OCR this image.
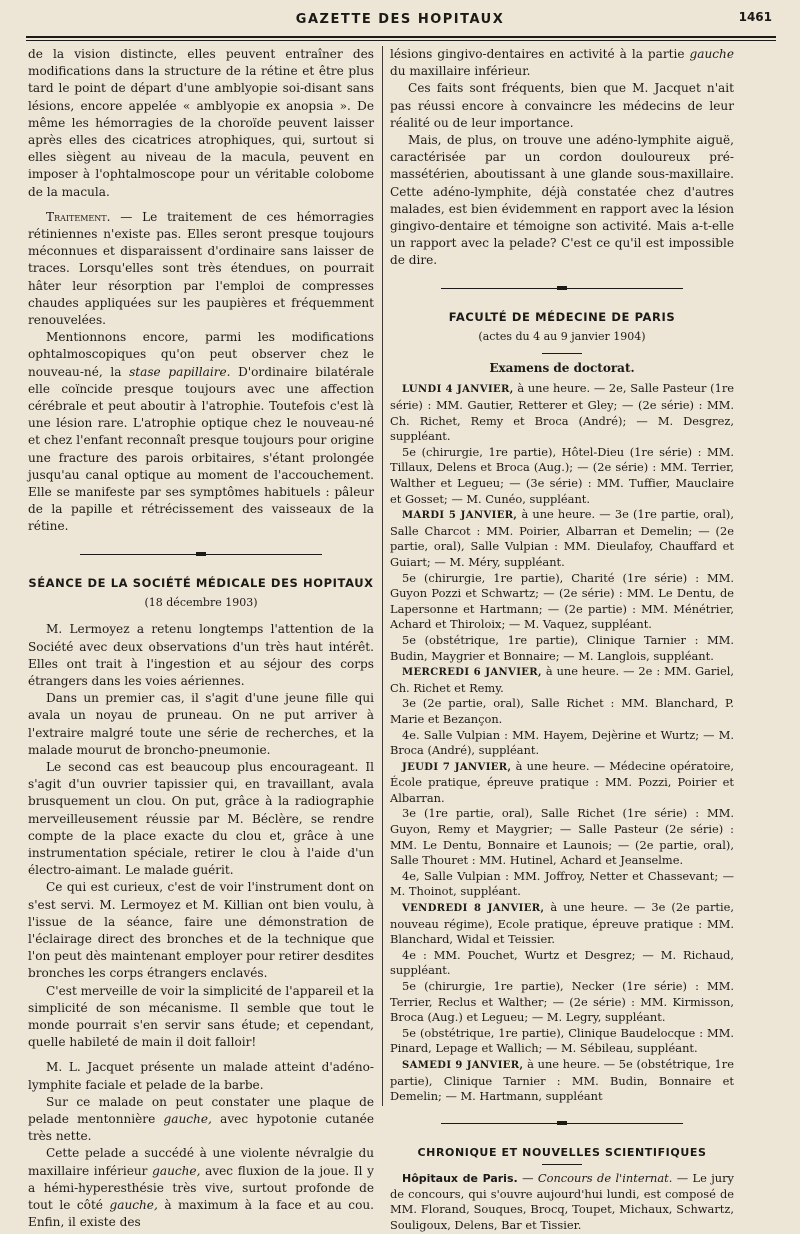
GAZETTE DES HOPITAUX	1461

de la vision distincte, elles peuvent entraîner des modifications dans la structure de la rétine et être plus tard le point de départ d'une amblyopie soi-disant sans lésions, encore appelée « amblyopie ex anopsia ». De même les hémorragies de la choroïde peuvent laisser après elles des cicatrices atrophiques, qui, surtout si elles siègent au niveau de la macula, peuvent en imposer à l'ophtalmoscope pour un véritable colobome de la macula.

Traitement. — Le traitement de ces hémorragies rétiniennes n'existe pas. Elles seront presque toujours méconnues et disparaissent d'ordinaire sans laisser de traces. Lorsqu'elles sont très étendues, on pourrait hâter leur résorption par l'emploi de compresses chaudes appliquées sur les paupières et fréquemment renouvelées.

Mentionnons encore, parmi les modifications ophtalmoscopiques qu'on peut observer chez le nouveau-né, la stase papillaire. D'ordinaire bilatérale elle coïncide presque toujours avec une affection cérébrale et peut aboutir à l'atrophie. Toutefois c'est là une lésion rare. L'atrophie optique chez le nouveau-né et chez l'enfant reconnaît presque toujours pour origine une fracture des parois orbitaires, s'étant prolongée jusqu'au canal optique au moment de l'accouchement. Elle se manifeste par ses symptômes habituels : pâleur de la papille et rétrécissement des vaisseaux de la rétine.

SÉANCE DE LA SOCIÉTÉ MÉDICALE DES HOPITAUX
(18 décembre 1903)

M. Lermoyez a retenu longtemps l'attention de la Société avec deux observations d'un très haut intérêt. Elles ont trait à l'ingestion et au séjour des corps étrangers dans les voies aériennes.

Dans un premier cas, il s'agit d'une jeune fille qui avala un noyau de pruneau. On ne put arriver à l'extraire malgré toute une série de recherches, et la malade mourut de broncho-pneumonie.

Le second cas est beaucoup plus encourageant. Il s'agit d'un ouvrier tapissier qui, en travaillant, avala brusquement un clou. On put, grâce à la radiographie merveilleusement réussie par M. Béclère, se rendre compte de la place exacte du clou et, grâce à une instrumentation spéciale, retirer le clou à l'aide d'un électro-aimant. Le malade guérit.

Ce qui est curieux, c'est de voir l'instrument dont on s'est servi. M. Lermoyez et M. Killian ont bien voulu, à l'issue de la séance, faire une démonstration de l'éclairage direct des bronches et de la technique que l'on peut dès maintenant employer pour retirer desdites bronches les corps étrangers enclavés.

C'est merveille de voir la simplicité de l'appareil et la simplicité de son mécanisme. Il semble que tout le monde pourrait s'en servir sans étude; et cependant, quelle habileté de main il doit falloir!

M. L. Jacquet présente un malade atteint d'adéno-lymphite faciale et pelade de la barbe.

Sur ce malade on peut constater une plaque de pelade mentonnière gauche, avec hypotonie cutanée très nette.

Cette pelade a succédé à une violente névralgie du maxillaire inférieur gauche, avec fluxion de la joue. Il y a hémi-hyperesthésie très vive, surtout profonde de tout le côté gauche, à maximum à la face et au cou. Enfin, il existe des

lésions gingivo-dentaires en activité à la partie gauche du maxillaire inférieur.

Ces faits sont fréquents, bien que M. Jacquet n'ait pas réussi encore à convaincre les médecins de leur réalité ou de leur importance.

Mais, de plus, on trouve une adéno-lymphite aiguë, caractérisée par un cordon douloureux pré-massétérien, aboutissant à une glande sous-maxillaire. Cette adéno-lymphite, déjà constatée chez d'autres malades, est bien évidemment en rapport avec la lésion gingivo-dentaire et témoigne son activité. Mais a-t-elle un rapport avec la pelade? C'est ce qu'il est impossible de dire.

FACULTÉ DE MÉDECINE DE PARIS
(actes du 4 au 9 janvier 1904)
Examens de doctorat.

LUNDI 4 JANVIER, à une heure. — 2e, Salle Pasteur (1re série) : MM. Gautier, Retterer et Gley; — (2e série) : MM. Ch. Richet, Remy et Broca (André); — M. Desgrez, suppléant.

5e (chirurgie, 1re partie), Hôtel-Dieu (1re série) : MM. Tillaux, Delens et Broca (Aug.); — (2e série) : MM. Terrier, Walther et Legueu; — (3e série) : MM. Tuffier, Mauclaire et Gosset; — M. Cunéo, suppléant.

MARDI 5 JANVIER, à une heure. — 3e (1re partie, oral), Salle Charcot : MM. Poirier, Albarran et Demelin; — (2e partie, oral), Salle Vulpian : MM. Dieulafoy, Chauffard et Guiart; — M. Méry, suppléant.

5e (chirurgie, 1re partie), Charité (1re série) : MM. Guyon Pozzi et Schwartz; — (2e série) : MM. Le Dentu, de Lapersonne et Hartmann; — (2e partie) : MM. Ménétrier, Achard et Thiroloix; — M. Vaquez, suppléant.

5e (obstétrique, 1re partie), Clinique Tarnier : MM. Budin, Maygrier et Bonnaire; — M. Langlois, suppléant.

MERCREDI 6 JANVIER, à une heure. — 2e : MM. Gariel, Ch. Richet et Remy.

3e (2e partie, oral), Salle Richet : MM. Blanchard, P. Marie et Bezançon.

4e. Salle Vulpian : MM. Hayem, Dejèrine et Wurtz; — M. Broca (André), suppléant.

JEUDI 7 JANVIER, à une heure. — Médecine opératoire, École pratique, épreuve pratique : MM. Pozzi, Poirier et Albarran.

3e (1re partie, oral), Salle Richet (1re série) : MM. Guyon, Remy et Maygrier; — Salle Pasteur (2e série) : MM. Le Dentu, Bonnaire et Launois; — (2e partie, oral), Salle Thouret : MM. Hutinel, Achard et Jeanselme.

4e, Salle Vulpian : MM. Joffroy, Netter et Chassevant; — M. Thoinot, suppléant.

VENDREDI 8 JANVIER, à une heure. — 3e (2e partie, nouveau régime), Ecole pratique, épreuve pratique : MM. Blanchard, Widal et Teissier.

4e : MM. Pouchet, Wurtz et Desgrez; — M. Richaud, suppléant.

5e (chirurgie, 1re partie), Necker (1re série) : MM. Terrier, Reclus et Walther; — (2e série) : MM. Kirmisson, Broca (Aug.) et Legueu; — M. Legry, suppléant.

5e (obstétrique, 1re partie), Clinique Baudelocque : MM. Pinard, Lepage et Wallich; — M. Sébileau, suppléant.

SAMEDI 9 JANVIER, à une heure. — 5e (obstétrique, 1re partie), Clinique Tarnier : MM. Budin, Bonnaire et Demelin; — M. Hartmann, suppléant

CHRONIQUE ET NOUVELLES SCIENTIFIQUES

Hôpitaux de Paris. — Concours de l'internat. — Le jury de concours, qui s'ouvre aujourd'hui lundi, est composé de MM. Florand, Souques, Brocq, Toupet, Michaux, Schwartz, Souligoux, Delens, Bar et Tissier.
